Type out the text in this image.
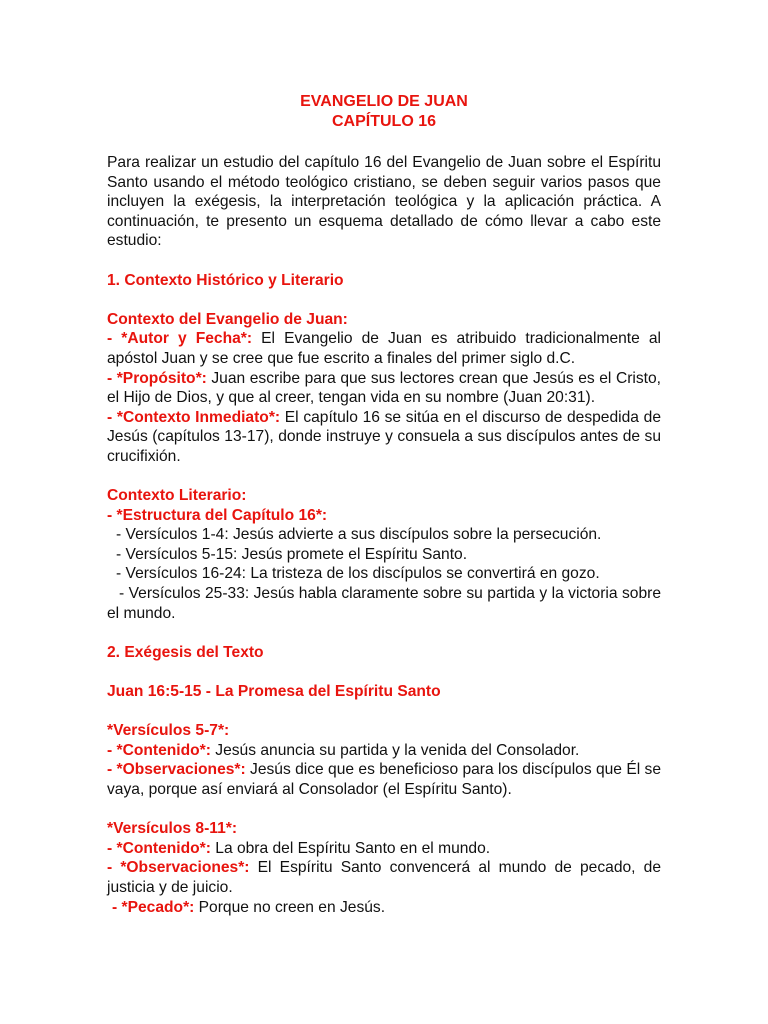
EVANGELIO DE JUAN
CAPÍTULO 16

Para realizar un estudio del capítulo 16 del Evangelio de Juan sobre el Espíritu Santo usando el método teológico cristiano, se deben seguir varios pasos que incluyen la exégesis, la interpretación teológica y la aplicación práctica. A continuación, te presento un esquema detallado de cómo llevar a cabo este estudio:

1. Contexto Histórico y Literario

Contexto del Evangelio de Juan:

- *Autor y Fecha*: El Evangelio de Juan es atribuido tradicionalmente al apóstol Juan y se cree que fue escrito a finales del primer siglo d.C.

- *Propósito*: Juan escribe para que sus lectores crean que Jesús es el Cristo, el Hijo de Dios, y que al creer, tengan vida en su nombre (Juan 20:31).

- *Contexto Inmediato*: El capítulo 16 se sitúa en el discurso de despedida de Jesús (capítulos 13-17), donde instruye y consuela a sus discípulos antes de su crucifixión.

Contexto Literario:

- *Estructura del Capítulo 16*:

- Versículos 1-4: Jesús advierte a sus discípulos sobre la persecución.

- Versículos 5-15: Jesús promete el Espíritu Santo.

- Versículos 16-24: La tristeza de los discípulos se convertirá en gozo.

- Versículos 25-33: Jesús habla claramente sobre su partida y la victoria sobre el mundo.

2. Exégesis del Texto

Juan 16:5-15 - La Promesa del Espíritu Santo

*Versículos 5-7*:

- *Contenido*: Jesús anuncia su partida y la venida del Consolador.

- *Observaciones*: Jesús dice que es beneficioso para los discípulos que Él se vaya, porque así enviará al Consolador (el Espíritu Santo).

*Versículos 8-11*:

- *Contenido*: La obra del Espíritu Santo en el mundo.

- *Observaciones*: El Espíritu Santo convencerá al mundo de pecado, de justicia y de juicio.

- *Pecado*: Porque no creen en Jesús.
